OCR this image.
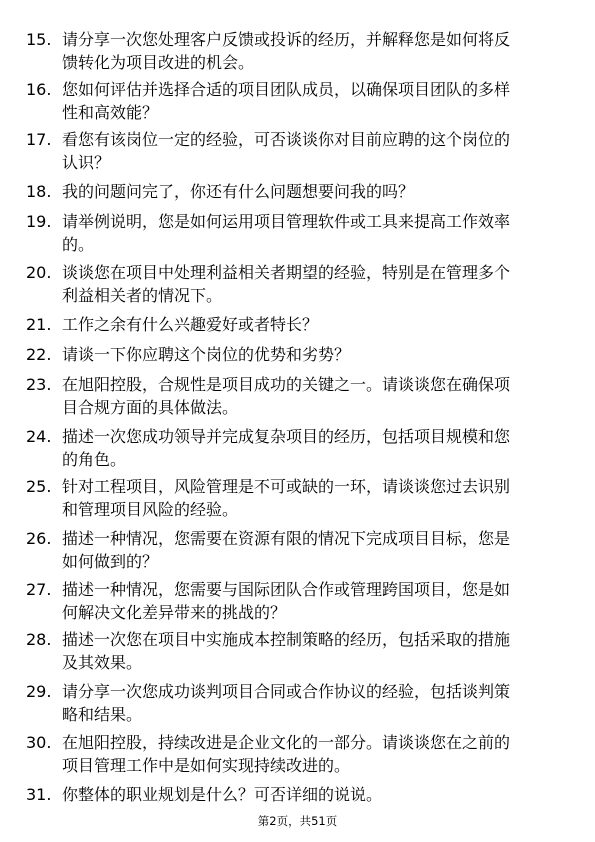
15. 请分享一次您处理客户反馈或投诉的经历，并解释您是如何将反
馈转化为项目改进的机会。
16. 您如何评估并选择合适的项目团队成员，以确保项目团队的多样
性和高效能？
17. 看您有该岗位一定的经验，可否谈谈你对目前应聘的这个岗位的
认识？
18. 我的问题问完了，你还有什么问题想要问我的吗？
19. 请举例说明，您是如何运用项目管理软件或工具来提高工作效率
的。
20. 谈谈您在项目中处理利益相关者期望的经验，特别是在管理多个
利益相关者的情况下。
21. 工作之余有什么兴趣爱好或者特长？
22. 请谈一下你应聘这个岗位的优势和劣势？
23. 在旭阳控股，合规性是项目成功的关键之一。请谈谈您在确保项
目合规方面的具体做法。
24. 描述一次您成功领导并完成复杂项目的经历，包括项目规模和您
的角色。
25. 针对工程项目，风险管理是不可或缺的一环，请谈谈您过去识别
和管理项目风险的经验。
26. 描述一种情况，您需要在资源有限的情况下完成项目目标，您是
如何做到的？
27. 描述一种情况，您需要与国际团队合作或管理跨国项目，您是如
何解决文化差异带来的挑战的？
28. 描述一次您在项目中实施成本控制策略的经历，包括采取的措施
及其效果。
29. 请分享一次您成功谈判项目合同或合作协议的经验，包括谈判策
略和结果。
30. 在旭阳控股，持续改进是企业文化的一部分。请谈谈您在之前的
项目管理工作中是如何实现持续改进的。
31. 你整体的职业规划是什么？可否详细的说说。
第2页，共51页
